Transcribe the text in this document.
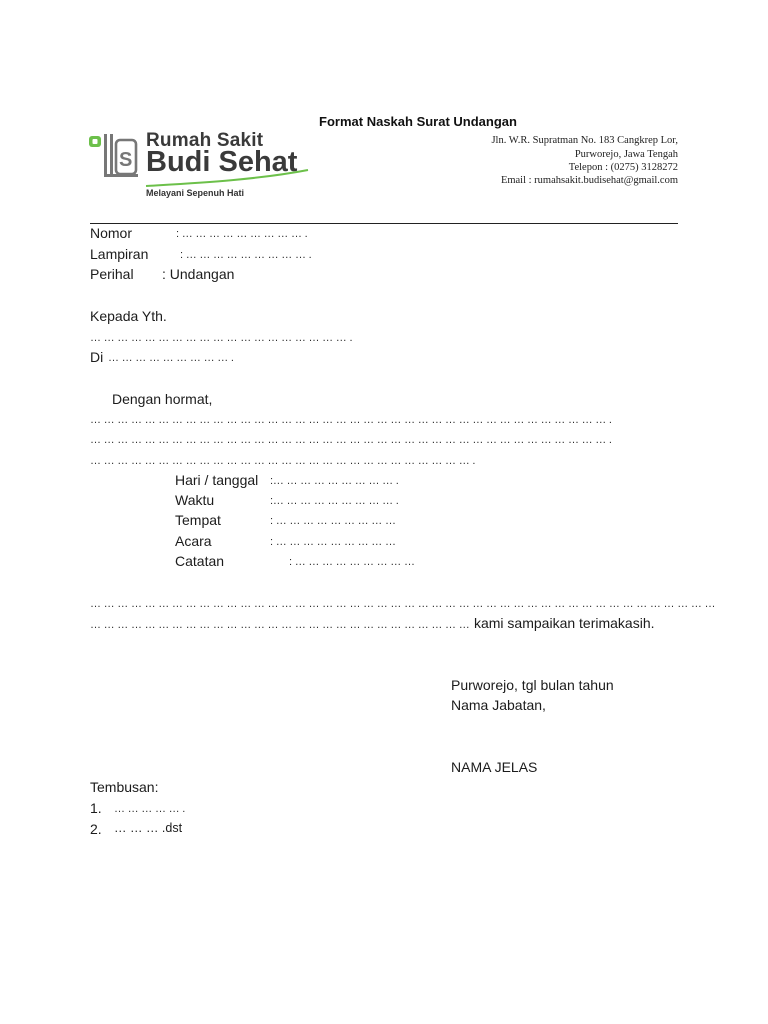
Format Naskah Surat Undangan
S
Rumah Sakit
Budi Sehat
Melayani Sepenuh Hati
Jln. W.R. Supratman No. 183 Cangkrep Lor,
Purworejo, Jawa Tengah
Telepon : (0275) 3128272
Email : rumahsakit.budisehat@gmail.com
Nomor	: … … … … … … … … … .
Lampiran	: … … … … … … … … … .
Perihal : Undangan
Kepada Yth.
… … … … … … … … … … … … … … … … … … … .
Di … … … … … … … … … .
Dengan hormat,
… … … … … … … … … … … … … … … … … … … … … … … … … … … … … … … … … … … … … … .
… … … … … … … … … … … … … … … … … … … … … … … … … … … … … … … … … … … … … … .
… … … … … … … … … … … … … … … … … … … … … … … … … … … … .
Hari / tanggal :… … … … … … … … … .
Waktu	:… … … … … … … … … .
Tempat	: … … … … … … … … …
Acara	: … … … … … … … … …
Catatan	: … … … … … … … … …
… … … … … … … … … … … … … … … … … … … … … … … … … … … … … … … … … … … … … … … … … … … … … …
… … … … … … … … … … … … … … … … … … … … … … … … … … … … kami sampaikan terimakasih.
Purworejo, tgl bulan tahun
Nama Jabatan,
NAMA JELAS
Tembusan:
1. … … … … … .
2. … … … .dst
